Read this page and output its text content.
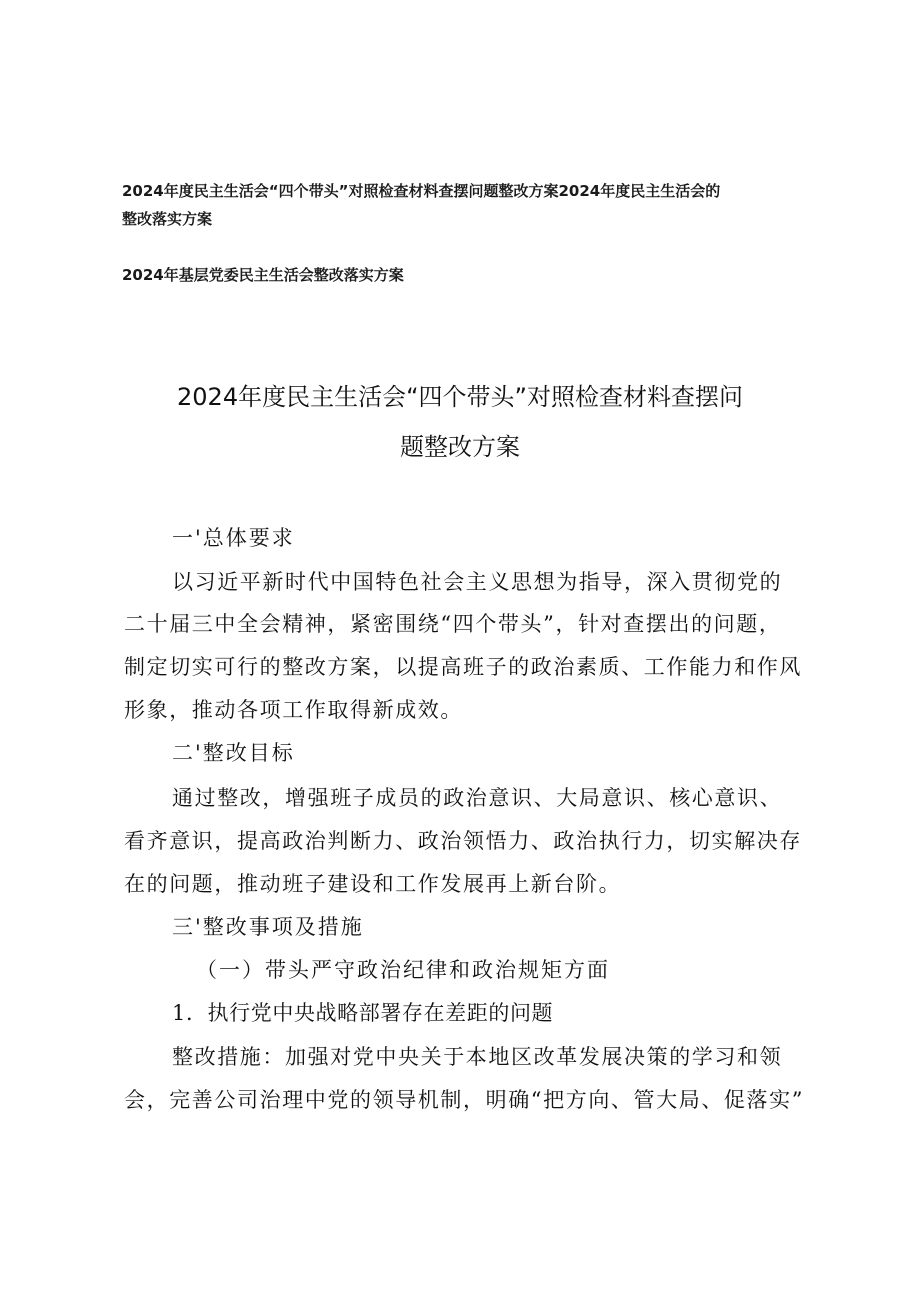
2024年度民主生活会“四个带头”对照检查材料查摆问题整改方案2024年度民主生活会的
整改落实方案
2024年基层党委民主生活会整改落实方案
2024年度民主生活会“四个带头”对照检查材料查摆问
题整改方案
一'总体要求
以习近平新时代中国特色社会主义思想为指导，深入贯彻党的
二十届三中全会精神，紧密围绕“四个带头”，针对查摆出的问题，
制定切实可行的整改方案，以提高班子的政治素质、工作能力和作风
形象，推动各项工作取得新成效。
二'整改目标
通过整改，增强班子成员的政治意识、大局意识、核心意识、
看齐意识，提高政治判断力、政治领悟力、政治执行力，切实解决存
在的问题，推动班子建设和工作发展再上新台阶。
三'整改事项及措施
（一）带头严守政治纪律和政治规矩方面
1．执行党中央战略部署存在差距的问题
整改措施：加强对党中央关于本地区改革发展决策的学习和领
会，完善公司治理中党的领导机制，明确“把方向、管大局、促落实”
